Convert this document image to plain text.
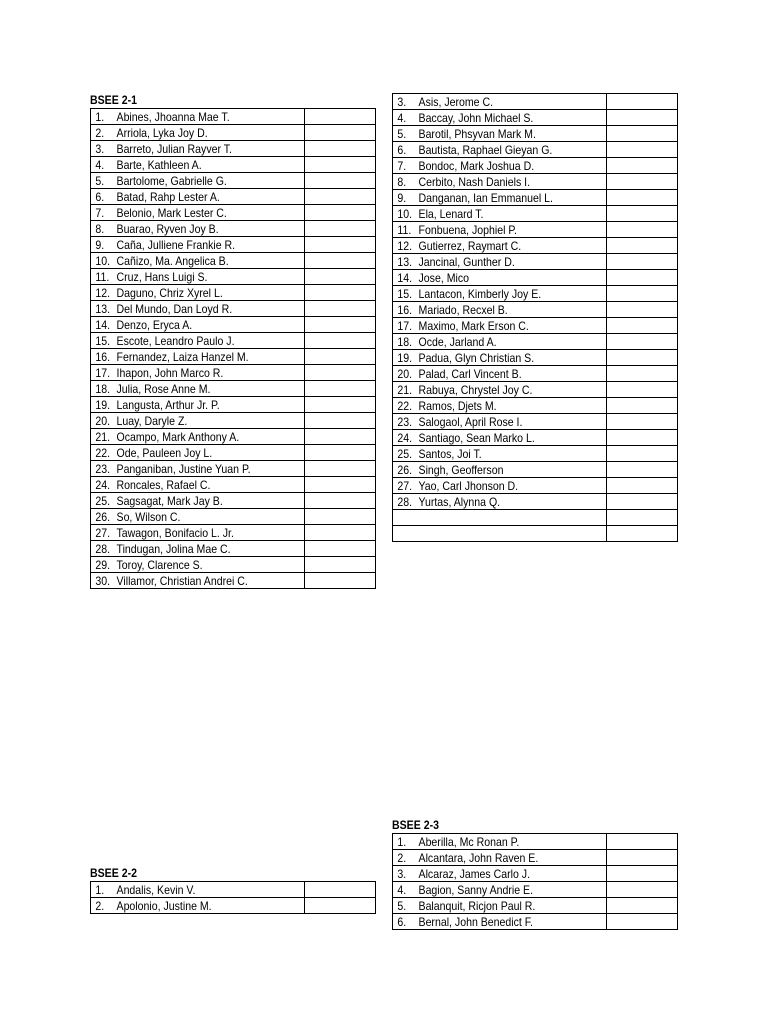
BSEE 2-1
1. Abines, Jhoanna Mae T.	
2. Arriola, Lyka Joy D.	
3. Barreto, Julian Rayver T.	
4. Barte, Kathleen A.	
5. Bartolome, Gabrielle G.	
6. Batad, Rahp Lester A.	
7. Belonio, Mark Lester C.	
8. Buarao, Ryven Joy B.	
9. Caña, Julliene Frankie R.	
10. Cañizo, Ma. Angelica B.	
11. Cruz, Hans Luigi S.	
12. Daguno, Chriz Xyrel L.	
13. Del Mundo, Dan Loyd R.	
14. Denzo, Eryca A.	
15. Escote, Leandro Paulo J.	
16. Fernandez, Laiza Hanzel M.	
17. Ihapon, John Marco R.	
18. Julia, Rose Anne M.	
19. Langusta, Arthur Jr. P.	
20. Luay, Daryle Z.	
21. Ocampo, Mark Anthony A.	
22. Ode, Pauleen Joy L.	
23. Panganiban, Justine Yuan P.	
24. Roncales, Rafael C.	
25. Sagsagat, Mark Jay B.	
26. So, Wilson C.	
27. Tawagon, Bonifacio L. Jr.	
28. Tindugan, Jolina Mae C.	
29. Toroy, Clarence S.	
30. Villamor, Christian Andrei C.	
3. Asis, Jerome C.	
4. Baccay, John Michael S.	
5. Barotil, Phsyvan Mark M.	
6. Bautista, Raphael Gieyan G.	
7. Bondoc, Mark Joshua D.	
8. Cerbito, Nash Daniels I.	
9. Danganan, Ian Emmanuel L.	
10. Ela, Lenard T.	
11. Fonbuena, Jophiel P.	
12. Gutierrez, Raymart C.	
13. Jancinal, Gunther D.	
14. Jose, Mico	
15. Lantacon, Kimberly Joy E.	
16. Mariado, Recxel B.	
17. Maximo, Mark Erson C.	
18. Ocde, Jarland A.	
19. Padua, Glyn Christian S.	
20. Palad, Carl Vincent B.	
21. Rabuya, Chrystel Joy C.	
22. Ramos, Djets M.	
23. Salogaol, April Rose I.	
24. Santiago, Sean Marko L.	
25. Santos, Joi T.	
26. Singh, Geofferson	
27. Yao, Carl Jhonson D.	
28. Yurtas, Alynna Q.	

BSEE 2-2
1. Andalis, Kevin V.	
2. Apolonio, Justine M.	
BSEE 2-3
1. Aberilla, Mc Ronan P.	
2. Alcantara, John Raven E.	
3. Alcaraz, James Carlo J.	
4. Bagion, Sanny Andrie E.	
5. Balanquit, Ricjon Paul R.	
6. Bernal, John Benedict F.	
